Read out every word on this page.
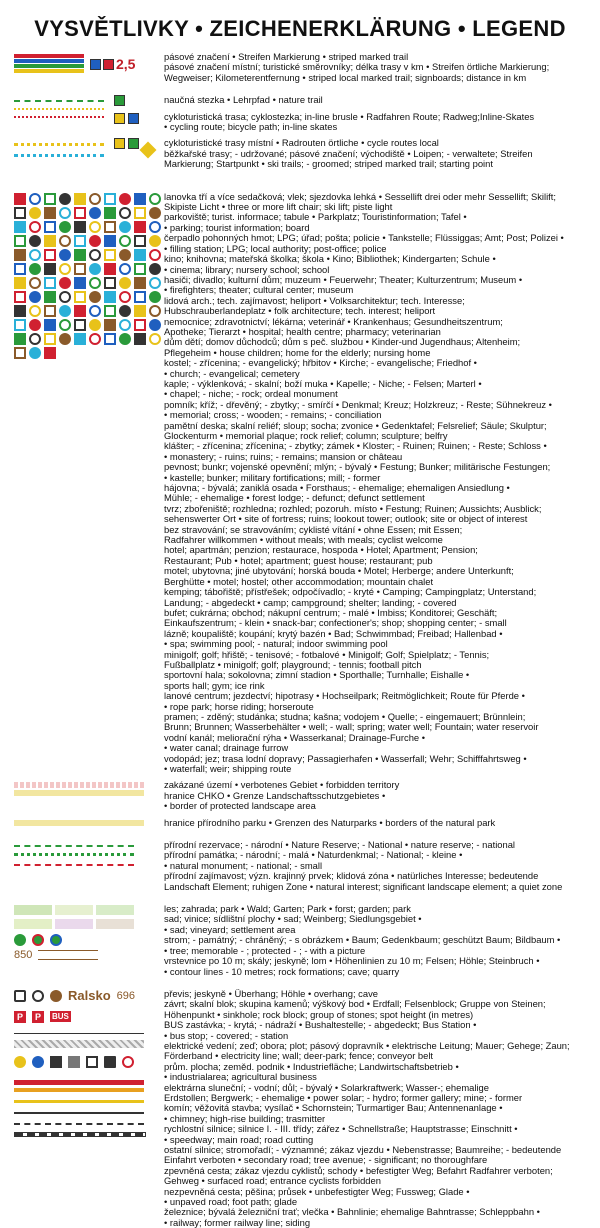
VYSVĚTLIVKY • ZEICHENERKLÄRUNG • LEGEND
2,5	pásové značení • Streifen Markierung • striped marked trail
pásové značení místní; turistické směrovníky; délka trasy v km • Streifen örtliche Markierung;
Wegweiser; Kilometerentfernung • striped local marked trail; signboards; distance in km
naučná stezka • Lehrpfad • nature trail
cykloturistická trasa; cyklostezka; in-line brusle • Radfahren Route; Radweg;Inline-Skates
• cycling route; bicycle path; in-line skates
cykloturistické trasy místní • Radrouten örtliche • cycle routes local
běžkařské trasy; - udržované; pásové značení; východiště • Loipen; - verwaltete; Streifen
Markierung; Startpunkt • ski trails; - groomed; striped marked trail; starting point
lanovka tří a více sedačková; vlek; sjezdovka lehká • Sessellift drei oder mehr Sessellift; Skilift;
Skipiste Licht • three or more lift chair; ski lift; piste light
parkoviště; turist. informace; tabule • Parkplatz; Touristinformation; Tafel •
• parking; tourist information; board
čerpadlo pohonných hmot; LPG; úřad; pošta; policie • Tankstelle; Flüssiggas; Amt; Post; Polizei •
• filling station; LPG; local authority; post-office; police
kino; knihovna; mateřská školka; škola • Kino; Bibliothek; Kindergarten; Schule •
• cinema; library; nursery school; school
hasiči; divadlo; kulturní dům; muzeum • Feuerwehr; Theater; Kulturzentrum; Museum •
• firefighters; theater; cultural center; museum
lidová arch.; tech. zajímavost; heliport • Volksarchitektur; tech. Interesse;
Hubschrauberlandeplatz • folk architecture; tech. interest; heliport
nemocnice; zdravotnictví; lékárna; veterinář • Krankenhaus; Gesundheitszentrum;
Apotheke; Tierarzt • hospital; health centre; pharmacy; veterinarian
dům dětí; domov důchodců; dům s peč. službou • Kinder-und Jugendhaus; Altenheim;
Pflegeheim • house children; home for the elderly; nursing home
kostel; - zřícenina; - evangelický; hřbitov • Kirche; - evangelische; Friedhof •
• church; - evangelical; cemetery
kaple; - výklenková; - skalní; boží muka • Kapelle; - Niche; - Felsen; Marterl •
• chapel; - niche; - rock; ordeal monument
pomník; kříž; - dřevěný; - zbytky; - smírčí • Denkmal; Kreuz; Holzkreuz; - Reste; Sühnekreuz •
• memorial; cross; - wooden; - remains; - conciliation
pamětní deska; skalní reliéf; sloup; socha; zvonice • Gedenktafel; Felsrelief; Säule; Skulptur;
Glockenturm • memorial plaque; rock relief; column; sculpture; belfry
klášter; - zřícenina; zřícenina; - zbytky; zámek • Kloster; - Ruinen; Ruinen; - Reste; Schloss •
• monastery; - ruins; ruins; - remains; mansion or château
pevnost; bunkr; vojenské opevnění; mlýn; - bývalý • Festung; Bunker; militärische Festungen;
• kastelle; bunker; military fortifications; mill; - former
hájovna; - bývalá; zaniklá osada • Forsthaus; - ehemalige; ehemaligen Ansiedlung •
Mühle; - ehemalige • forest lodge; - defunct; defunct settlement
tvrz; zbořeniště; rozhledna; rozhled; pozoruh. místo • Festung; Ruinen; Aussichts; Ausblick;
sehenswerter Ort • site of fortress; ruins; lookout tower; outlook; site or object of interest
bez stravování; se stravováním; cyklisté vítání • ohne Essen; mit Essen;
Radfahrer willkommen • without meals; with meals; cyclist welcome
hotel; apartmán; penzion; restaurace, hospoda • Hotel; Apartment; Pension;
Restaurant; Pub • hotel; apartment; guest house; restaurant; pub
motel; ubytovna; jiné ubytování; horská bouda • Motel; Herberge; andere Unterkunft;
Berghütte • motel; hostel; other accommodation; mountain chalet
kemping; tábořiště; přístřešek; odpočívadlo; - kryté • Camping; Campingplatz; Unterstand;
Landung; - abgedeckt • camp; campground; shelter; landing; - covered
bufet; cukrárna; obchod; nákupní centrum; - malé • Imbiss; Konditorei; Geschäft;
Einkaufszentrum; - klein • snack-bar; confectioner's; shop; shopping center; - small
lázně; koupaliště; koupání; krytý bazén • Bad; Schwimmbad; Freibad; Hallenbad •
• spa; swimming pool; - natural; indoor swimming pool
minigolf; golf; hřiště; - tenisové; - fotbalové • Minigolf; Golf; Spielplatz; - Tennis;
Fußballplatz • minigolf; golf; playground; - tennis; football pitch
sportovní hala; sokolovna; zimní stadion • Sporthalle; Turnhalle; Eishalle •
sports hall; gym; ice rink
lanové centrum; jezdectví; hipotrasy • Hochseilpark; Reitmöglichkeit; Route für Pferde •
• rope park; horse riding; horseroute
pramen; - zděný; studánka; studna; kašna; vodojem • Quelle; - eingemauert; Brünnlein;
Brunn; Brunnen; Wasserbehälter • well; - wall; spring; water well; Fountain; water reservoir
vodní kanál; meliorační rýha • Wasserkanal; Drainage-Furche •
• water canal; drainage furrow
vodopád; jez; trasa lodní dopravy; Passagierhafen • Wasserfall; Wehr; Schifffahrtsweg •
• waterfall; weir; shipping route
zakázané území • verbotenes Gebiet • forbidden territory
hranice CHKO • Grenze Landschaftsschutzgebietes •
• border of protected landscape area
hranice přírodního parku • Grenzen des Naturparks • borders of the natural park
přírodní rezervace; - národní • Nature Reserve; - National • nature reserve; - national
přírodní památka; - národní; - malá • Naturdenkmal; - National; - kleine •
• natural monument; - national; - small
přírodní zajímavost; význ. krajinný prvek; klidová zóna • natürliches Interesse; bedeutende
Landschaft Element; ruhigen Zone • natural interest; significant landscape element; a quiet zone
850
les; zahrada; park • Wald; Garten; Park • forst; garden; park
sad; vinice; sídlištní plochy • sad; Weinberg; Siedlungsgebiet •
• sad; vineyard; settlement area
strom; - památný; - chráněný; - s obrázkem • Baum; Gedenkbaum; geschützt Baum; Bildbaum •
• tree; memorable - ; protected - ; - with a picture
vrstevnice po 10 m; skály; jeskyně; lom • Höhenlinien zu 10 m; Felsen; Höhle; Steinbruch •
• contour lines - 10 metres; rock formations; cave; quarry
Ralsko 696
P	P	BUS
převis; jeskyně • Überhang; Höhle • overhang; cave
závrt; skalní blok; skupina kamenů; výškový bod • Erdfall; Felsenblock; Gruppe von Steinen;
Höhenpunkt • sinkhole; rock block; group of stones; spot height (in metres)
BUS zastávka; - krytá; - nádraží • Bushaltestelle; - abgedeckt; Bus Station •
• bus stop; - covered; - station
elektrické vedení; zeď; obora; plot; pásový dopravník • elektrische Leitung; Mauer; Gehege; Zaun;
Förderband • electricity line; wall; deer-park; fence; conveyor belt
prům. plocha; zeměd. podnik • Industriefläche; Landwirtschaftsbetrieb •
• industrialarea; agricultural business
elektrárna sluneční; - vodní; důl; - bývalý • Solarkraftwerk; Wasser-; ehemalige
Erdstollen; Bergwerk; - ehemalige • power solar; - hydro; former gallery; mine; - former
komín; věžovitá stavba; vysílač • Schornstein; Turmartiger Bau; Antennenanlage •
• chimney; high-rise building; trasmitter
rychlostní silnice; silnice I. - III. třídy; zářez • Schnellstraße; Hauptstrasse; Einschnitt •
• speedway; main road; road cutting
ostatní silnice; stromořadí; - významné; zákaz vjezdu • Nebenstrasse; Baumreihe; - bedeutende
Einfahrt verboten • secondary road; tree avenue; - significant; no thoroughfare
zpevněná cesta; zákaz vjezdu cyklistů; schody • befestigter Weg; Befahrt Radfahrer verboten;
Gehweg • surfaced road; entrance cyclists forbidden
nezpevněná cesta; pěšina; průsek • unbefestigter Weg; Fussweg; Glade •
• unpaved road; foot path; glade
železnice; bývalá železniční trať; vlečka • Bahnlinie; ehemalige Bahntrasse; Schleppbahn •
• railway; former railway line; siding
